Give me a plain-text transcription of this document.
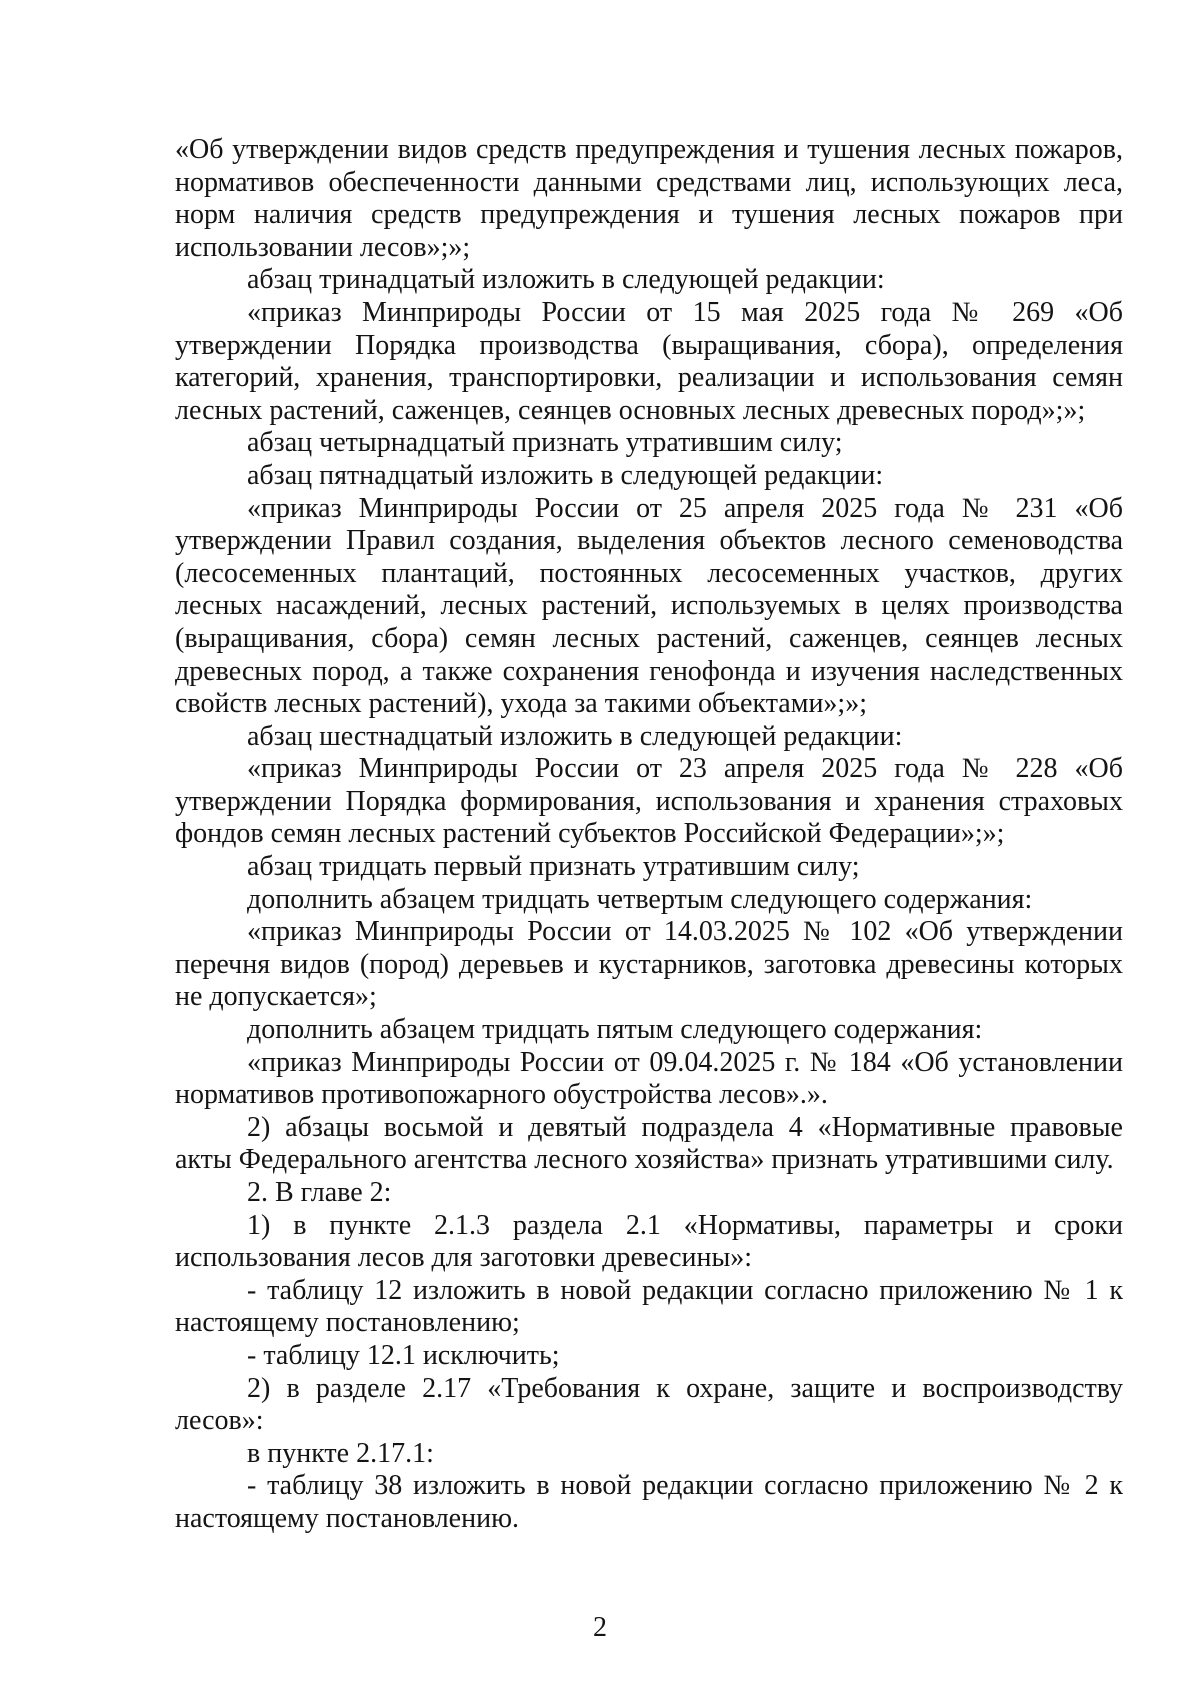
«Об утверждении видов средств предупреждения и тушения лесных пожаров, нормативов обеспеченности данными средствами лиц, использующих леса, норм наличия средств предупреждения и тушения лесных пожаров при использовании лесов»;»;

абзац тринадцатый изложить в следующей редакции:

«приказ Минприроды России от 15 мая 2025 года № 269 «Об утверждении Порядка производства (выращивания, сбора), определения категорий, хранения, транспортировки, реализации и использования семян лесных растений, саженцев, сеянцев основных лесных древесных пород»;»;

абзац четырнадцатый признать утратившим силу;

абзац пятнадцатый изложить в следующей редакции:

«приказ Минприроды России от 25 апреля 2025 года № 231 «Об утверждении Правил создания, выделения объектов лесного семеноводства (лесосеменных плантаций, постоянных лесосеменных участков, других лесных насаждений, лесных растений, используемых в целях производства (выращивания, сбора) семян лесных растений, саженцев, сеянцев лесных древесных пород, а также сохранения генофонда и изучения наследственных свойств лесных растений), ухода за такими объектами»;»;

абзац шестнадцатый изложить в следующей редакции:

«приказ Минприроды России от 23 апреля 2025 года № 228 «Об утверждении Порядка формирования, использования и хранения страховых фондов семян лесных растений субъектов Российской Федерации»;»;

абзац тридцать первый признать утратившим силу;

дополнить абзацем тридцать четвертым следующего содержания:

«приказ Минприроды России от 14.03.2025 № 102 «Об утверждении перечня видов (пород) деревьев и кустарников, заготовка древесины которых не допускается»;

дополнить абзацем тридцать пятым следующего содержания:

«приказ Минприроды России от 09.04.2025 г. № 184 «Об установлении нормативов противопожарного обустройства лесов».».

2) абзацы восьмой и девятый подраздела 4 «Нормативные правовые акты Федерального агентства лесного хозяйства» признать утратившими силу.

2. В главе 2:

1) в пункте 2.1.3 раздела 2.1 «Нормативы, параметры и сроки использования лесов для заготовки древесины»:

- таблицу 12 изложить в новой редакции согласно приложению № 1 к настоящему постановлению;

- таблицу 12.1 исключить;

2) в разделе 2.17 «Требования к охране, защите и воспроизводству лесов»:

в пункте 2.17.1:

- таблицу 38 изложить в новой редакции согласно приложению № 2 к настоящему постановлению.

2
